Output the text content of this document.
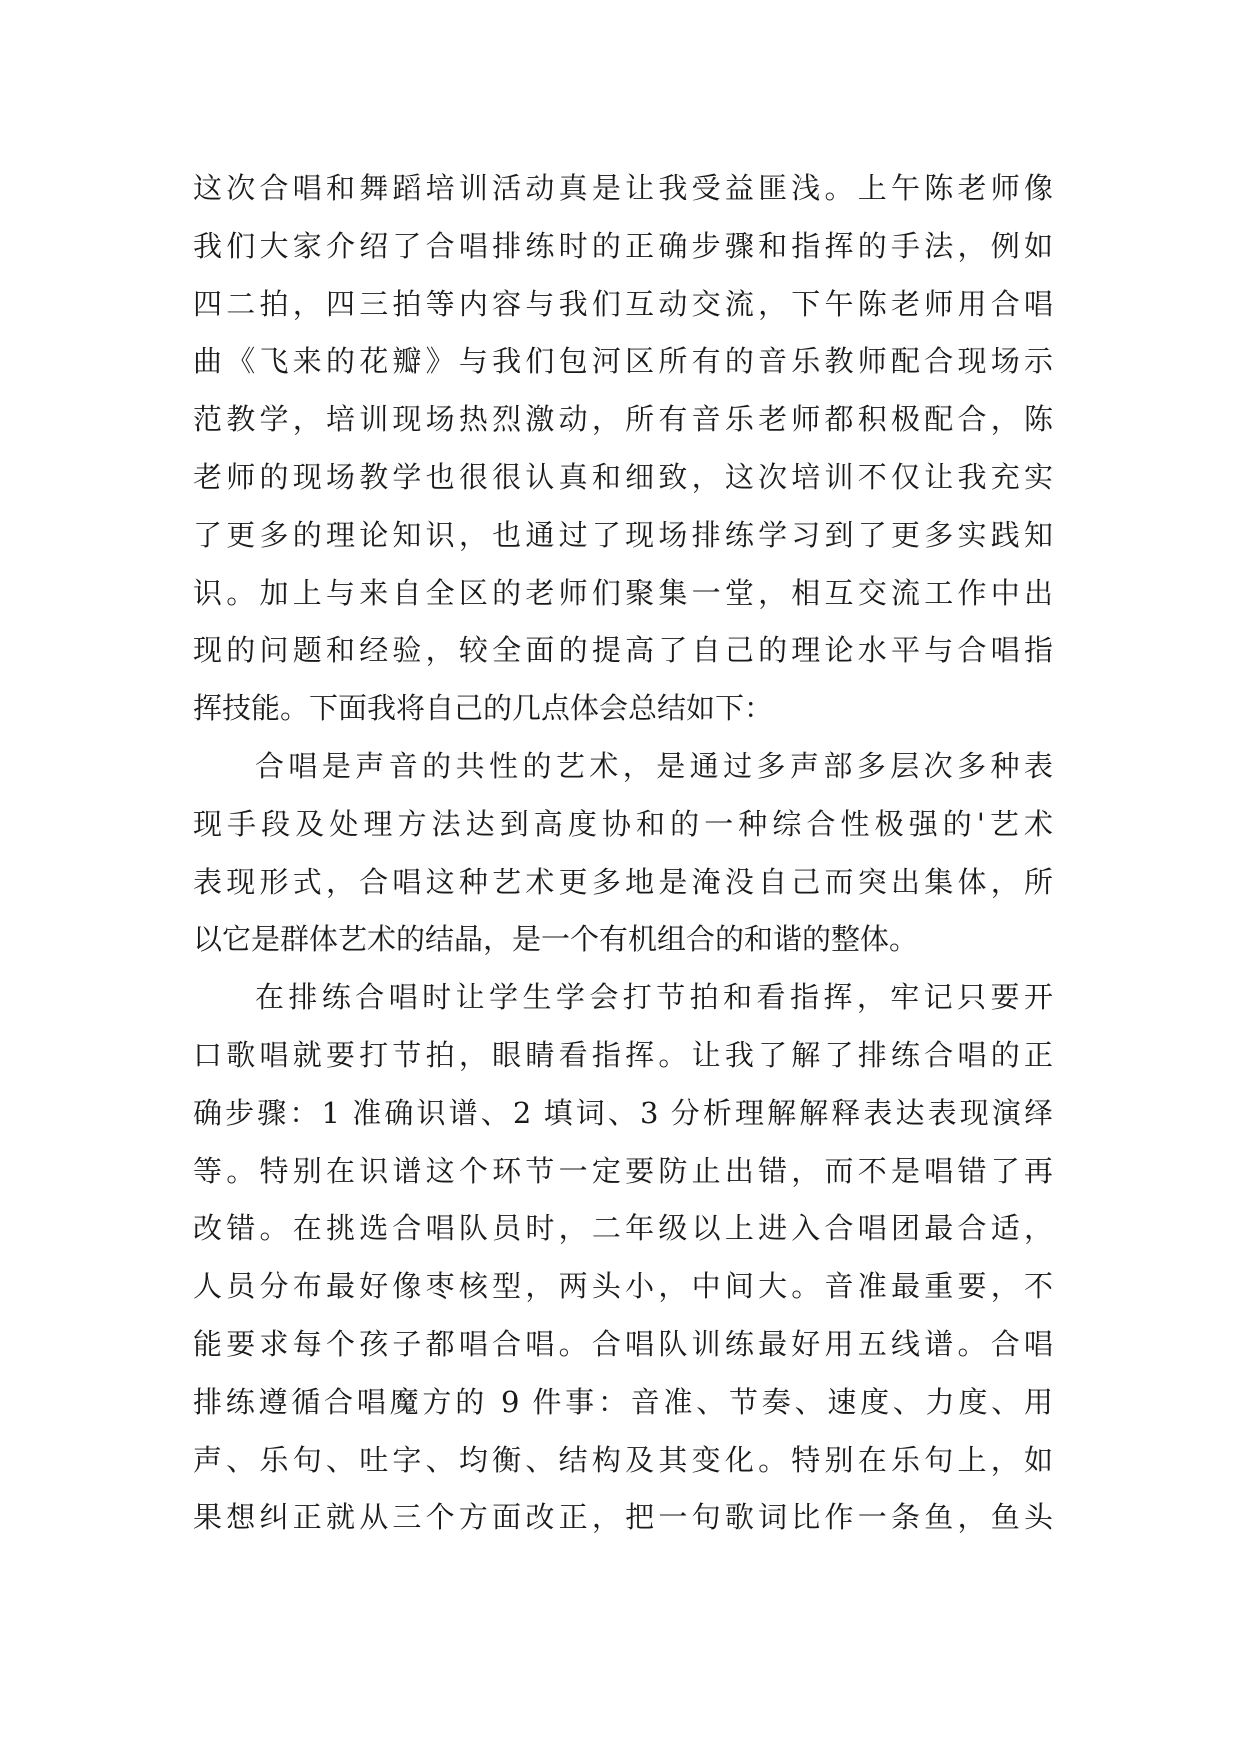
这次合唱和舞蹈培训活动真是让我受益匪浅。上午陈老师像
我们大家介绍了合唱排练时的正确步骤和指挥的手法，例如
四二拍，四三拍等内容与我们互动交流，下午陈老师用合唱
曲《飞来的花瓣》与我们包河区所有的音乐教师配合现场示
范教学，培训现场热烈激动，所有音乐老师都积极配合，陈
老师的现场教学也很很认真和细致，这次培训不仅让我充实
了更多的理论知识，也通过了现场排练学习到了更多实践知
识。加上与来自全区的老师们聚集一堂，相互交流工作中出
现的问题和经验，较全面的提高了自己的理论水平与合唱指
挥技能。下面我将自己的几点体会总结如下：
合唱是声音的共性的艺术，是通过多声部多层次多种表
现手段及处理方法达到高度协和的一种综合性极强的'艺术
表现形式，合唱这种艺术更多地是淹没自己而突出集体，所
以它是群体艺术的结晶，是一个有机组合的和谐的整体。
在排练合唱时让学生学会打节拍和看指挥，牢记只要开
口歌唱就要打节拍，眼睛看指挥。让我了解了排练合唱的正
确步骤：1 准确识谱、2 填词、3 分析理解解释表达表现演绎
等。特别在识谱这个环节一定要防止出错，而不是唱错了再
改错。在挑选合唱队员时，二年级以上进入合唱团最合适，
人员分布最好像枣核型，两头小，中间大。音准最重要，不
能要求每个孩子都唱合唱。合唱队训练最好用五线谱。合唱
排练遵循合唱魔方的 9 件事：音准、节奏、速度、力度、用
声、乐句、吐字、均衡、结构及其变化。特别在乐句上，如
果想纠正就从三个方面改正，把一句歌词比作一条鱼，鱼头
